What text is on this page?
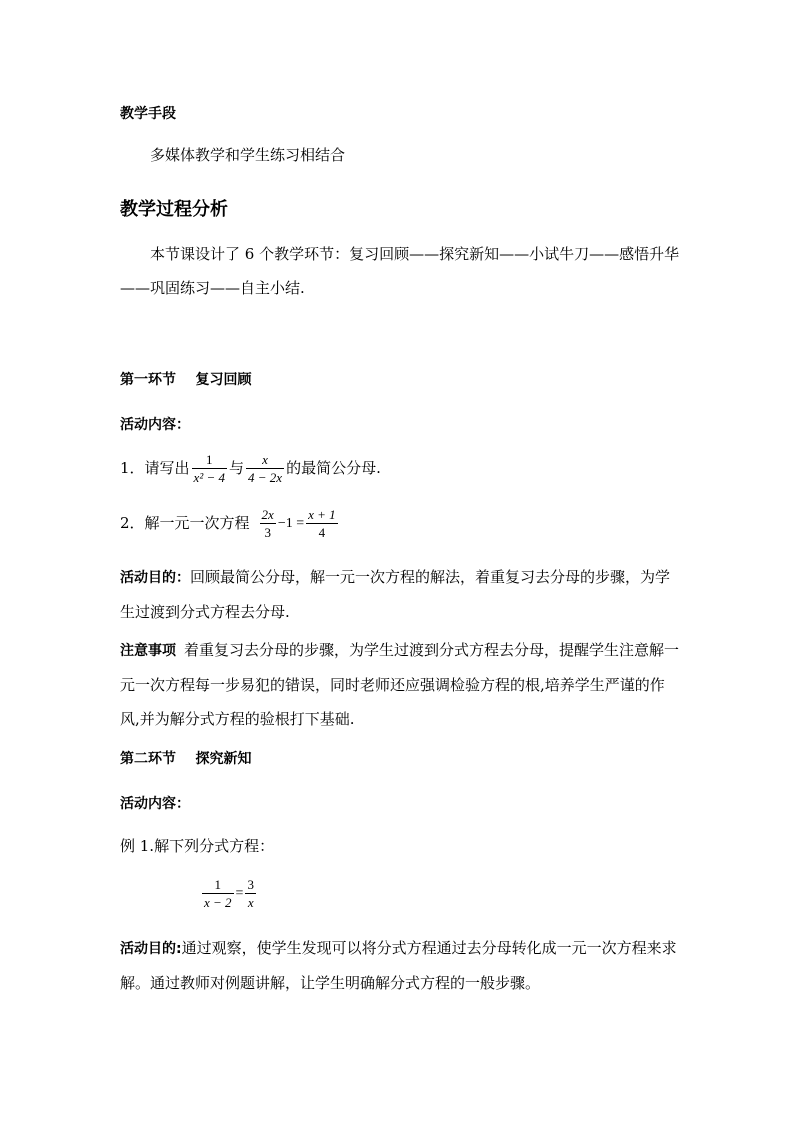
教学手段
多媒体教学和学生练习相结合
教学过程分析
本节课设计了 6 个教学环节：复习回顾——探究新知——小试牛刀——感悟升华——巩固练习——自主小结.
第一环节    复习回顾
活动内容：
1．请写出 $\frac{1}{\text{x² − 4}}$ 与 $\frac{x}{4 - 2x}$ 的最简公分母.
2．解一元一次方程 $\frac{2x}{3} -1 = \frac{x + 1}{4}$
活动目的：回顾最简公分母，解一元一次方程的解法，着重复习去分母的步骤，为学生过渡到分式方程去分母.
注意事项 着重复习去分母的步骤，为学生过渡到分式方程去分母，提醒学生注意解一元一次方程每一步易犯的错误，同时老师还应强调检验方程的根,培养学生严谨的作风,并为解分式方程的验根打下基础.
第二环节    探究新知
活动内容：
例 1.解下列分式方程：
$\frac{1}{x - 2} = \frac{3}{x}$
活动目的:通过观察，使学生发现可以将分式方程通过去分母转化成一元一次方程来求解。通过教师对例题讲解，让学生明确解分式方程的一般步骤。
